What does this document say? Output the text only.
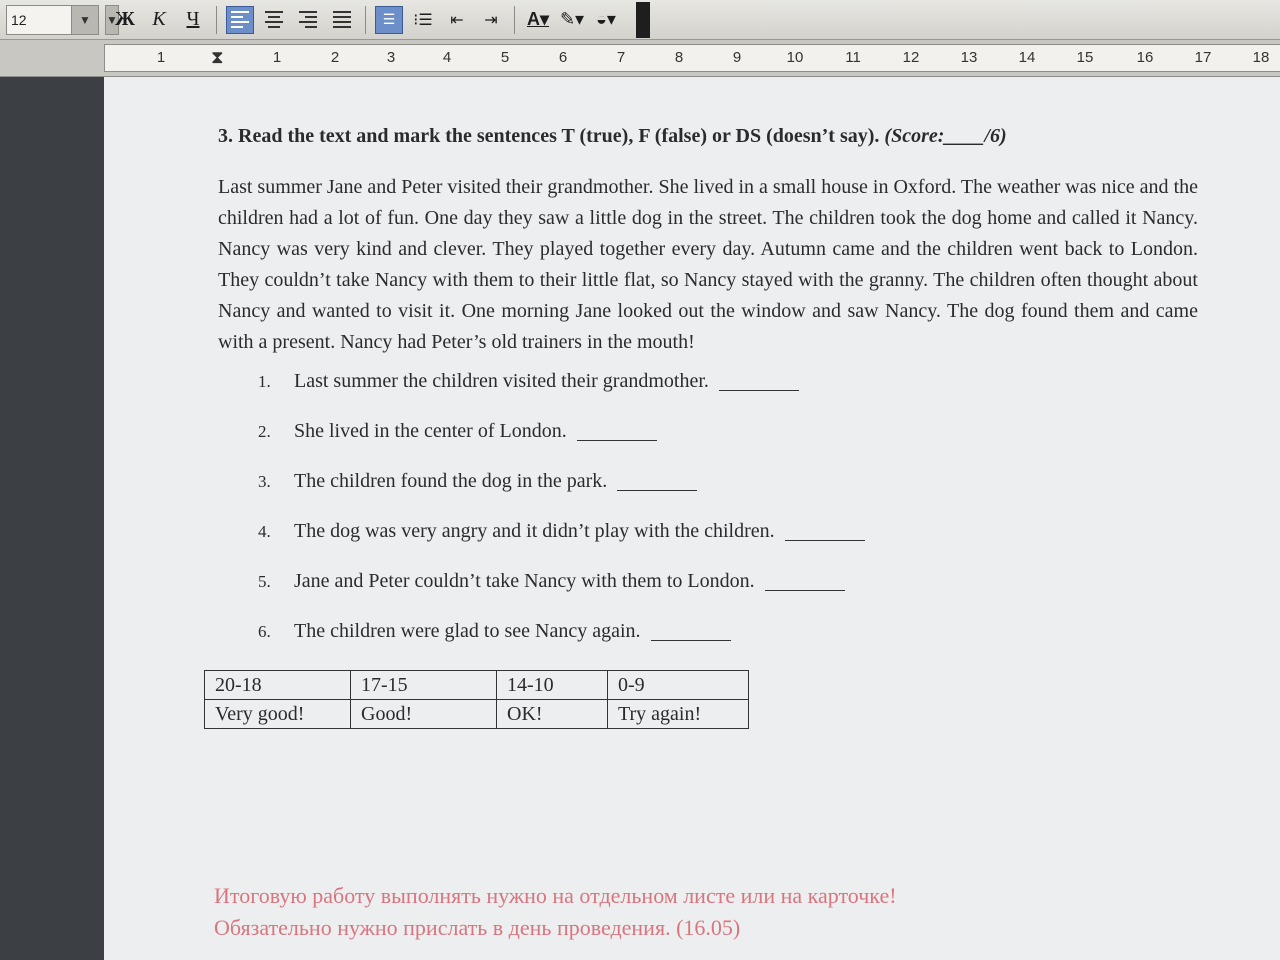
12	▼	▼
Ж К	Ч	☰	⁝☰	⇤	⇥	A▾ ✎▾ ◒▾
1	1	2	3	4	5	6	7	8	9	10	11	12	13	14	15	16	17	18
⧗

3. Read the text and mark the sentences T (true), F (false) or DS (doesn’t say). (Score:____/6)

Last summer Jane and Peter visited their grandmother. She lived in a small house in Oxford. The weather was nice and the children had a lot of fun. One day they saw a little dog in the street. The children took the dog home and called it Nancy. Nancy was very kind and clever. They played together every day. Autumn came and the children went back to London. They couldn’t take Nancy with them to their little flat, so Nancy stayed with the granny. The children often thought about Nancy and wanted to visit it. One morning Jane looked out the window and saw Nancy. The dog found them and came with a present. Nancy had Peter’s old trainers in the mouth!

1.	Last summer the children visited their grandmother.
2.	She lived in the center of London.
3.	The children found the dog in the park.
4.	The dog was very angry and it didn’t play with the children.
5.	Jane and Peter couldn’t take Nancy with them to London.
6.	The children were glad to see Nancy again.
20-18	17-15	14-10	0-9
Very good!	Good!	OK!	Try again!
Итоговую работу выполнять нужно на отдельном листе или на карточке!
Обязательно нужно прислать в день проведения. (16.05)
